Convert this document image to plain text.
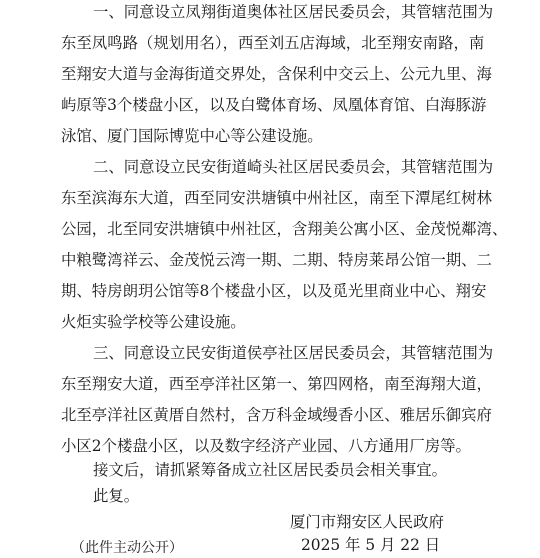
一、同意设立凤翔街道奥体社区居民委员会，其管辖范围为
东至凤鸣路（规划用名），西至刘五店海域，北至翔安南路，南
至翔安大道与金海街道交界处，含保利中交云上、公元九里、海
屿原等3个楼盘小区，以及白鹭体育场、凤凰体育馆、白海豚游
泳馆、厦门国际博览中心等公建设施。
二、同意设立民安街道崎头社区居民委员会，其管辖范围为
东至滨海东大道，西至同安洪塘镇中州社区，南至下潭尾红树林
公园，北至同安洪塘镇中州社区，含翔美公寓小区、金茂悦鄰湾、
中粮鹭湾祥云、金茂悦云湾一期、二期、特房莱昂公馆一期、二
期、特房朗玥公馆等8个楼盘小区，以及觅光里商业中心、翔安
火炬实验学校等公建设施。
三、同意设立民安街道侯亭社区居民委员会，其管辖范围为
东至翔安大道，西至亭洋社区第一、第四网格，南至海翔大道，
北至亭洋社区黄厝自然村，含万科金域缦香小区、雅居乐御宾府
小区2个楼盘小区，以及数字经济产业园、八方通用厂房等。
接文后，请抓紧筹备成立社区居民委员会相关事宜。
此复。
厦门市翔安区人民政府
2025 年 5 月 22 日
（此件主动公开）
